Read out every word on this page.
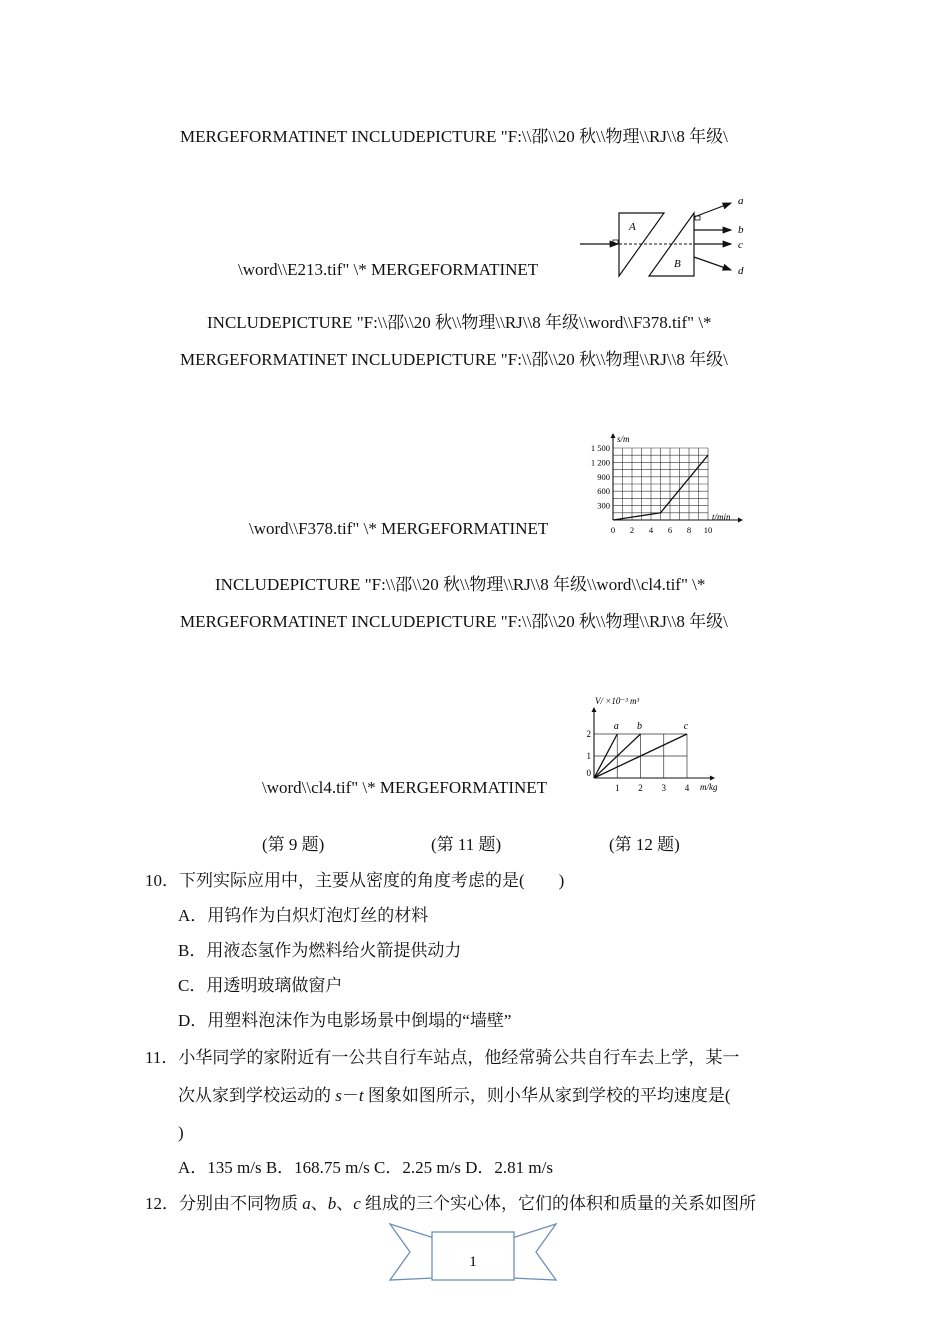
MERGEFORMATINET INCLUDEPICTURE "F:\\邵\\20 秋\\物理\\RJ\\8 年级\
\word\\E213.tif" \* MERGEFORMATINET
INCLUDEPICTURE "F:\\邵\\20 秋\\物理\\RJ\\8 年级\\word\\F378.tif" \*
MERGEFORMATINET INCLUDEPICTURE "F:\\邵\\20 秋\\物理\\RJ\\8 年级\
\word\\F378.tif" \* MERGEFORMATINET
INCLUDEPICTURE "F:\\邵\\20 秋\\物理\\RJ\\8 年级\\word\\cl4.tif" \*
MERGEFORMATINET INCLUDEPICTURE "F:\\邵\\20 秋\\物理\\RJ\\8 年级\
\word\\cl4.tif" \* MERGEFORMATINET
A
B
a
b
c
d
s/m
t/min
1 500
1 200
900
600
300
0 2 4 6 8 10
V/ ×10⁻³ m³
m/kg
2
1
0
1 2 3 4
a b	c
(第 9 题)	(第 11 题)	(第 12 题)
10．下列实际应用中，主要从密度的角度考虑的是(　　)
A．用钨作为白炽灯泡灯丝的材料
B．用液态氢作为燃料给火箭提供动力
C．用透明玻璃做窗户
D．用塑料泡沫作为电影场景中倒塌的“墙壁”
11．小华同学的家附近有一公共自行车站点，他经常骑公共自行车去上学，某一
次从家到学校运动的 s－t 图象如图所示，则小华从家到学校的平均速度是(
)
A．135 m/s B．168.75 m/s C．2.25 m/s D．2.81 m/s
12．分别由不同物质 a、b、c 组成的三个实心体，它们的体积和质量的关系如图所
1
